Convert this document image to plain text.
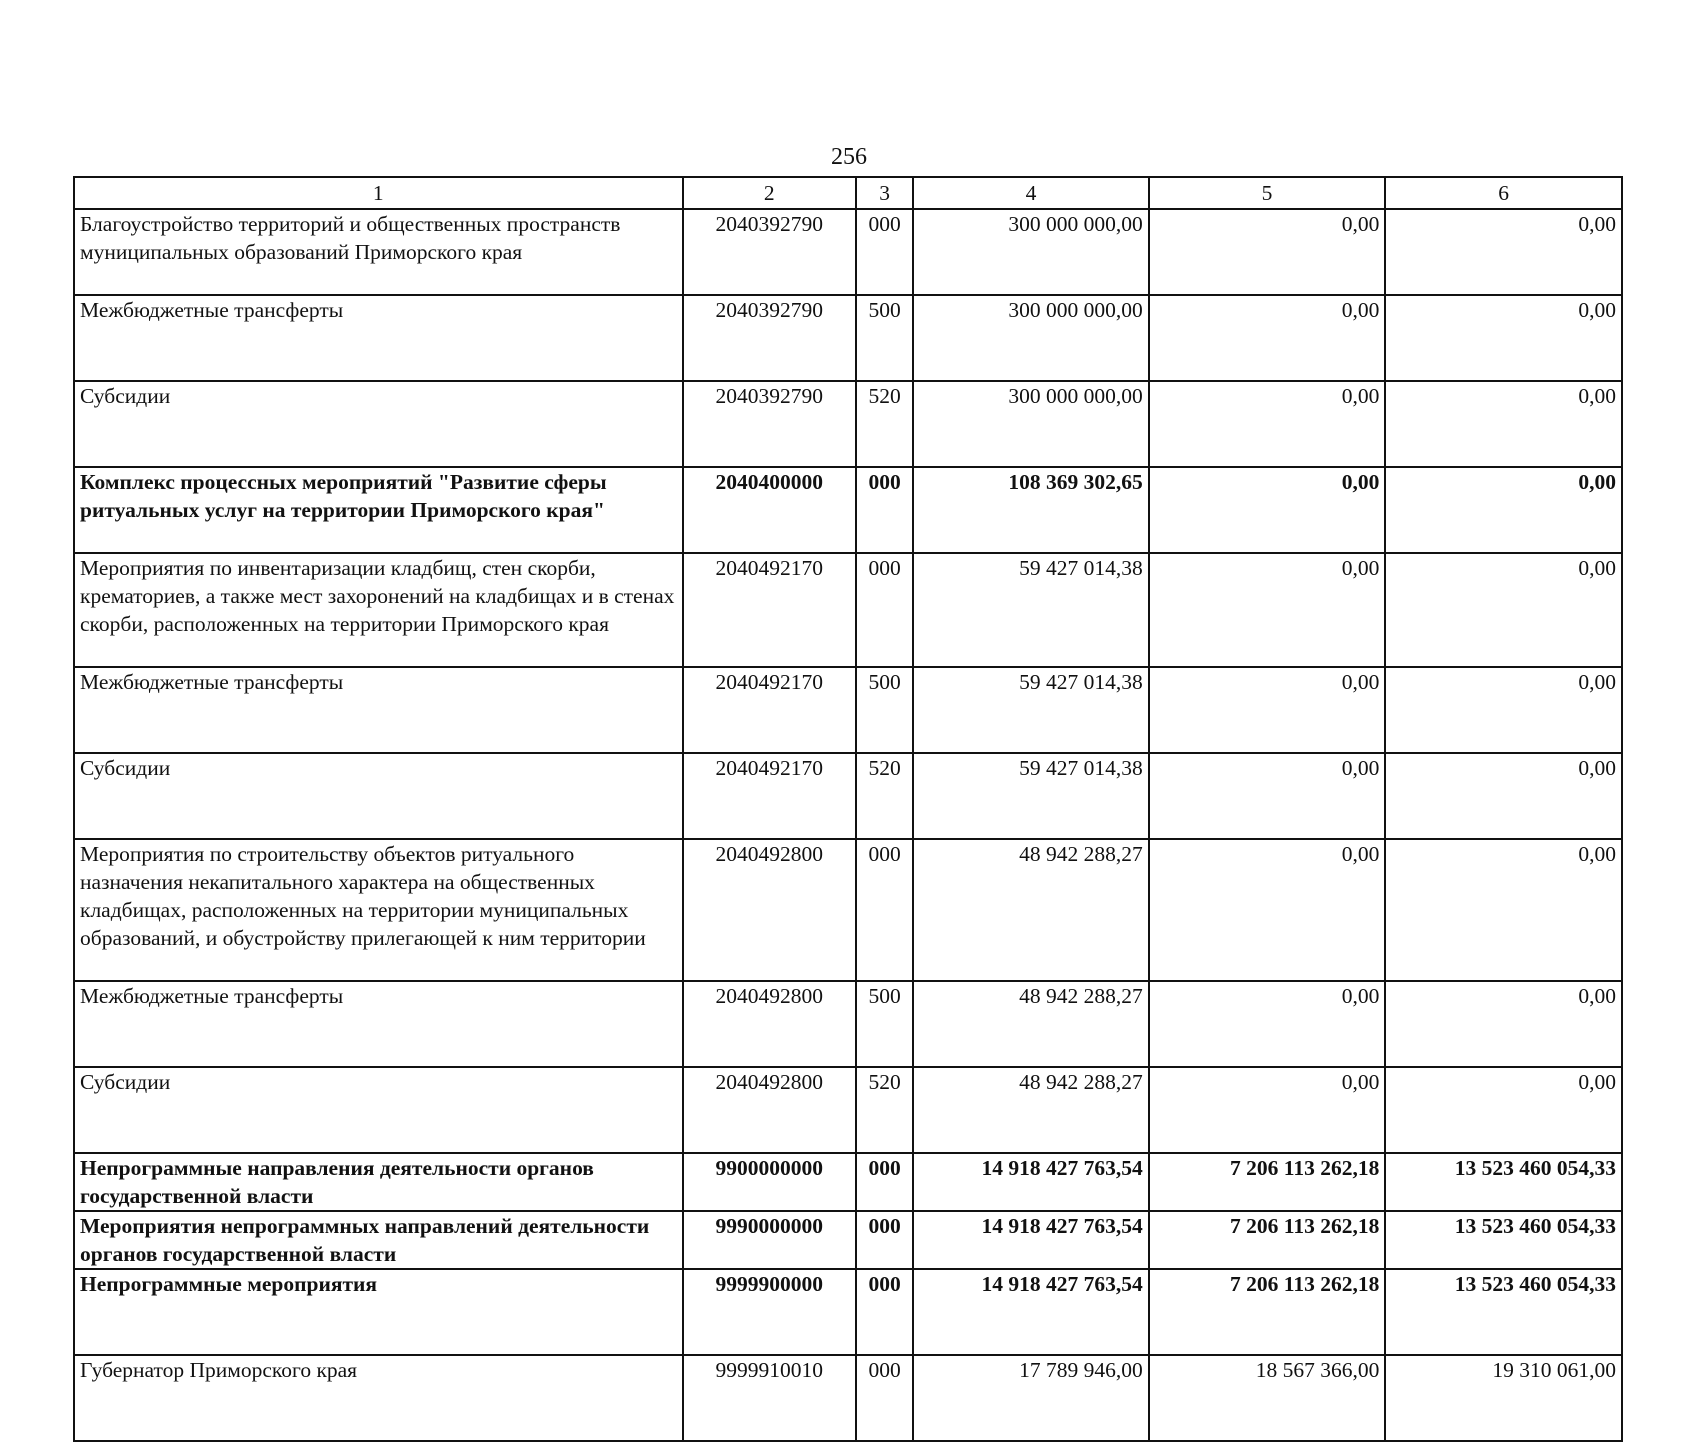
256
1	2	3	4	5	6
Благоустройство территорий и общественных пространств муниципальных образований Приморского края	2040392790	000	300 000 000,00	0,00	0,00
Межбюджетные трансферты	2040392790	500	300 000 000,00	0,00	0,00
Субсидии	2040392790	520	300 000 000,00	0,00	0,00
Комплекс процессных мероприятий "Развитие сферы ритуальных услуг на территории Приморского края"	2040400000	000	108 369 302,65	0,00	0,00
Мероприятия по инвентаризации кладбищ, стен скорби, крематориев, а также мест захоронений на кладбищах и в стенах скорби, расположенных на территории Приморского края	2040492170	000	59 427 014,38	0,00	0,00
Межбюджетные трансферты	2040492170	500	59 427 014,38	0,00	0,00
Субсидии	2040492170	520	59 427 014,38	0,00	0,00
Мероприятия по строительству объектов ритуального назначения некапитального характера на общественных кладбищах, расположенных на территории муниципальных образований, и обустройству прилегающей к ним территории	2040492800	000	48 942 288,27	0,00	0,00
Межбюджетные трансферты	2040492800	500	48 942 288,27	0,00	0,00
Субсидии	2040492800	520	48 942 288,27	0,00	0,00
Непрограммные направления деятельности органов государственной власти	9900000000	000	14 918 427 763,54	7 206 113 262,18	13 523 460 054,33
Мероприятия непрограммных направлений деятельности органов государственной власти	9990000000	000	14 918 427 763,54	7 206 113 262,18	13 523 460 054,33
Непрограммные мероприятия	9999900000	000	14 918 427 763,54	7 206 113 262,18	13 523 460 054,33
Губернатор Приморского края	9999910010	000	17 789 946,00	18 567 366,00	19 310 061,00
